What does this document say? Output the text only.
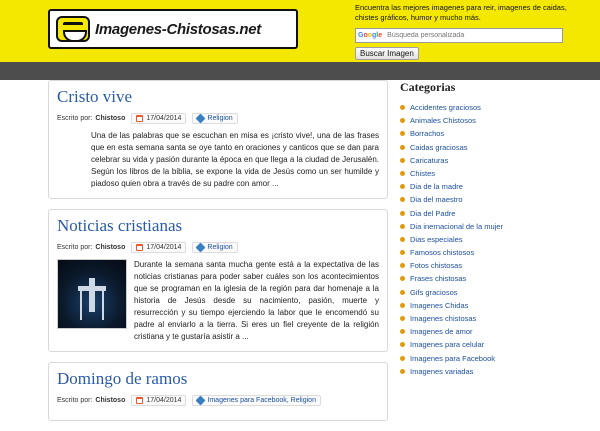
Imagenes-Chistosas.net
Encuentra las mejores imagenes para reir, imagenes de caidas, chistes gráficos, humor y mucho más.
Google
Búsqueda personalizada
Buscar Imagen
Cristo vive
Escrito por: Chistoso	17/04/2014	Religion
Una de las palabras que se escuchan en misa es ¡cristo vive!, una de las frases que en esta semana santa se oye tanto en oraciones y canticos que se dan para celebrar su vida y pasión durante la época en que llega a la ciudad de Jerusalén. Según los libros de la biblia, se expone la vida de Jesús como un ser humilde y piadoso quien obra a través de su padre con amor ...
Noticias cristianas
Escrito por: Chistoso	17/04/2014	Religion
Durante la semana santa mucha gente está a la expectativa de las noticias cristianas para poder saber cuáles son los acontecimientos que se programan en la iglesia de la región para dar homenaje a la historia de Jesús desde su nacimiento, pasión, muerte y resurrección y su tiempo ejerciendo la labor que le encomendó su padre al enviarlo a la tierra. Si eres un fiel creyente de la religión cristiana y te gustaría asistir a ...
Domingo de ramos
Escrito por: Chistoso	17/04/2014	Imagenes para Facebook, Religion
Categorias
Accidentes graciosos
Animales Chistosos
Borrachos
Caidas graciosas
Caricaturas
Chistes
Dia de la madre
Dia del maestro
Dia del Padre
Dia inernacional de la mujer
Dias especiales
Famosos chistosos
Fotos chistosas
Frases chistosas
Gifs graciosos
Imagenes Chidas
Imagenes chistosas
Imagenes de amor
Imagenes para celular
Imagenes para Facebook
Imagenes variadas
